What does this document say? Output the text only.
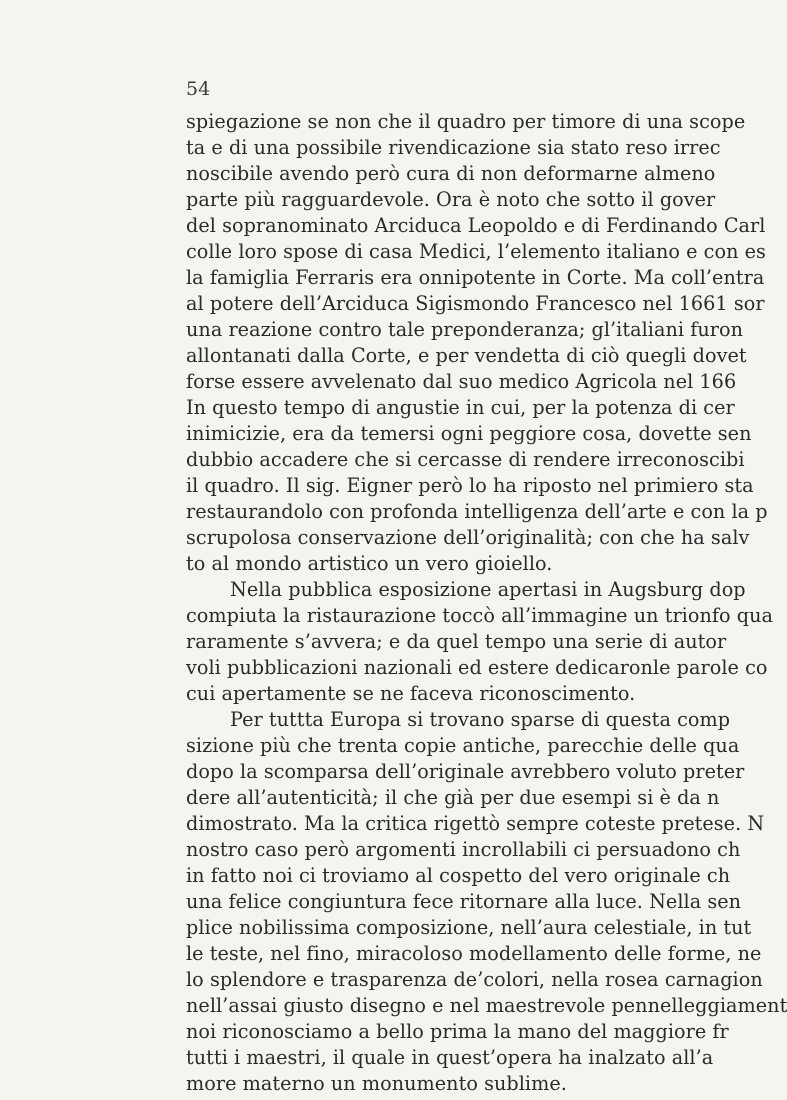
54
spiegazione se non che il quadro per timore di una scope
ta e di una possibile rivendicazione sia stato reso irrec
noscibile avendo però cura di non deformarne almeno
parte più ragguardevole. Ora è noto che sotto il gover
del sopranominato Arciduca Leopoldo e di Ferdinando Carl
colle loro spose di casa Medici, l’elemento italiano e con es
la famiglia Ferraris era onnipotente in Corte. Ma coll’entra
al potere dell’Arciduca Sigismondo Francesco nel 1661 sor
una reazione contro tale preponderanza; gl’italiani furon
allontanati dalla Corte, e per vendetta di ciò quegli dovet
forse essere avvelenato dal suo medico Agricola nel 166
In questo tempo di angustie in cui, per la potenza di cer
inimicizie, era da temersi ogni peggiore cosa, dovette sen
dubbio accadere che si cercasse di rendere irreconoscibi
il quadro. Il sig. Eigner però lo ha riposto nel primiero sta
restaurandolo con profonda intelligenza dell’arte e con la p
scrupolosa conservazione dell’originalità; con che ha salv
to al mondo artistico un vero gioiello.
Nella pubblica esposizione apertasi in Augsburg dop
compiuta la ristaurazione toccò all’immagine un trionfo qua
raramente s’avvera; e da quel tempo una serie di autor
voli pubblicazioni nazionali ed estere dedicaronle parole co
cui apertamente se ne faceva riconoscimento.
Per tuttta Europa si trovano sparse di questa comp
sizione più che trenta copie antiche, parecchie delle qua
dopo la scomparsa dell’originale avrebbero voluto preter
dere all’autenticità; il che già per due esempi si è da n
dimostrato. Ma la critica rigettò sempre coteste pretese. N
nostro caso però argomenti incrollabili ci persuadono ch
in fatto noi ci troviamo al cospetto del vero originale ch
una felice congiuntura fece ritornare alla luce. Nella sen
plice nobilissima composizione, nell’aura celestiale, in tut
le teste, nel fino, miracoloso modellamento delle forme, ne
lo splendore e trasparenza de’colori, nella rosea carnagion
nell’assai giusto disegno e nel maestrevole pennelleggiament
noi riconosciamo a bello prima la mano del maggiore fr
tutti i maestri, il quale in quest’opera ha inalzato all’a
more materno un monumento sublime.
